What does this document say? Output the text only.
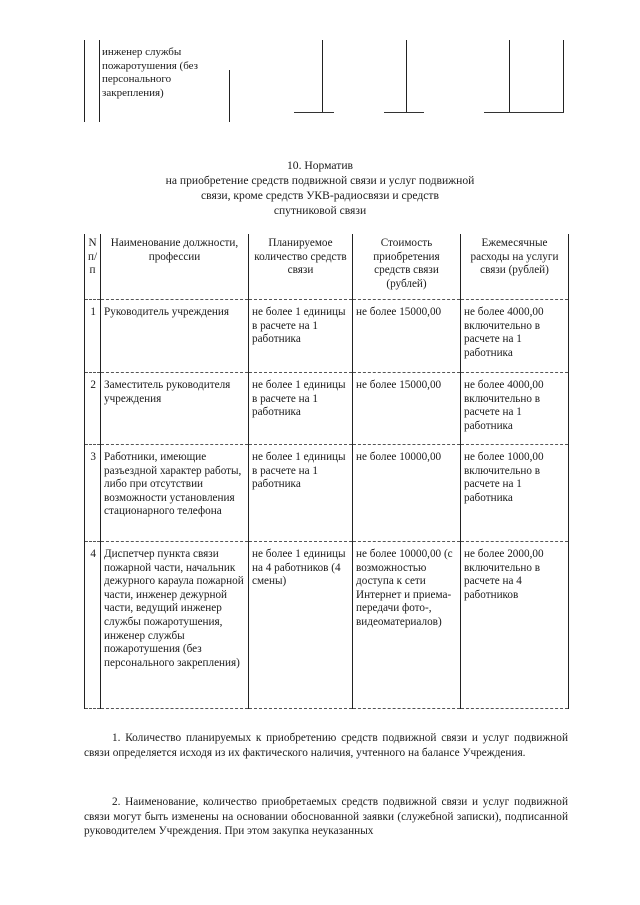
инженер службы пожаротушения (без персонального закрепления)
10. Норматив
на приобретение средств подвижной связи и услуг подвижной
связи, кроме средств УКВ-радиосвязи и средств
спутниковой связи
N п/п	Наименование должности, профессии	Планируемое количество средств связи	Стоимость приобретения средств связи (рублей)	Ежемесячные расходы на услуги связи (рублей)
1	Руководитель учреждения	не более 1 единицы в расчете на 1 работника	не более 15000,00	не более 4000,00 включительно в расчете на 1 работника
2	Заместитель руководителя учреждения	не более 1 единицы в расчете на 1 работника	не более 15000,00	не более 4000,00 включительно в расчете на 1 работника
3	Работники, имеющие разъездной характер работы, либо при отсутствии возможности установления стационарного телефона	не более 1 единицы в расчете на 1 работника	не более 10000,00	не более 1000,00 включительно в расчете на 1 работника
4	Диспетчер пункта связи пожарной части, начальник дежурного караула пожарной части, инженер дежурной части, ведущий инженер службы пожаротушения, инженер службы пожаротушения (без персонального закрепления)	не более 1 единицы на 4 работников (4 смены)	не более 10000,00 (с возможностью доступа к сети Интернет и приема-передачи фото-, видеоматериалов)	не более 2000,00 включительно в расчете на 4 работников
1. Количество планируемых к приобретению средств подвижной связи и услуг подвижной связи определяется исходя из их фактического наличия, учтенного на балансе Учреждения.
2. Наименование, количество приобретаемых средств подвижной связи и услуг подвижной связи могут быть изменены на основании обоснованной заявки (служебной записки), подписанной руководителем Учреждения. При этом закупка неуказанных
